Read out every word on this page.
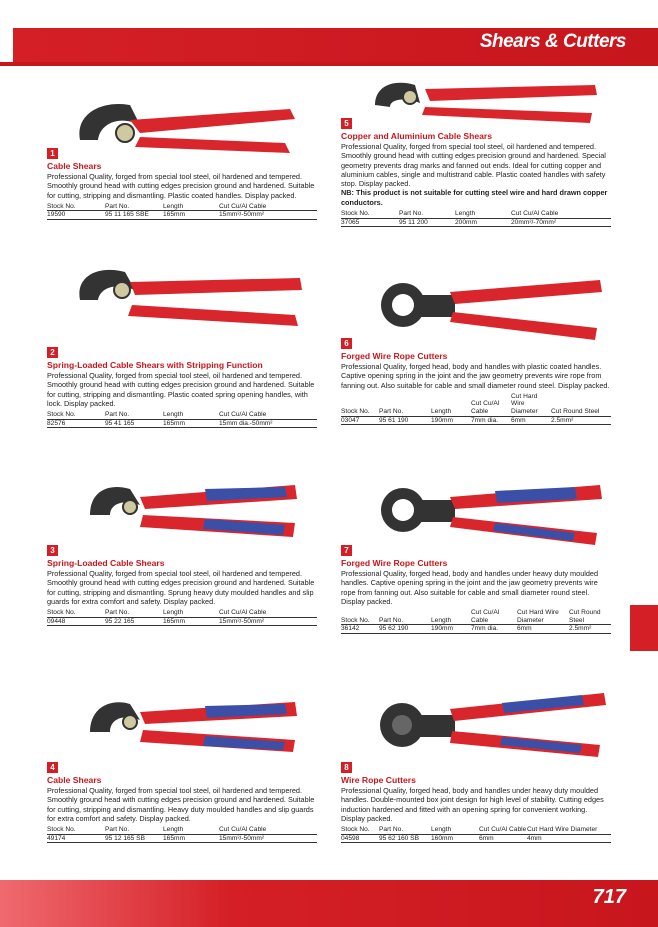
Shears & Cutters
1
Cable Shears
Professional Quality, forged from special tool steel, oil hardened and tempered. Smoothly ground head with cutting edges precision ground and hardened. Suitable for cutting, stripping and dismantling. Plastic coated handles. Display packed.
Stock No.	Part No.	Length	Cut Cu/Al Cable
19590	95 11 165 SBE	165mm	15mm²/-50mm²
2
Spring-Loaded Cable Shears with Stripping Function
Professional Quality, forged from special tool steel, oil hardened and tempered. Smoothly ground head with cutting edges precision ground and hardened. Suitable for cutting, stripping and dismantling. Plastic coated spring opening handles, with lock. Display packed.
Stock No.	Part No.	Length	Cut Cu/Al Cable
82576	95 41 165	165mm	15mm dia.-50mm²
3
Spring-Loaded Cable Shears
Professional Quality, forged from special tool steel, oil hardened and tempered. Smoothly ground head with cutting edges precision ground and hardened. Suitable for cutting, stripping and dismantling. Sprung heavy duty moulded handles and slip guards for extra comfort and safety. Display packed.
Stock No.	Part No.	Length	Cut Cu/Al Cable
09448	95 22 165	165mm	15mm²/-50mm²
4
Cable Shears
Professional Quality, forged from special tool steel, oil hardened and tempered. Smoothly ground head with cutting edges precision ground and hardened. Suitable for cutting, stripping and dismantling. Heavy duty moulded handles and slip guards for extra comfort and safety. Display packed.
Stock No.	Part No.	Length	Cut Cu/Al Cable
49174	95 12 165 SB	165mm	15mm²/-50mm²
5
Copper and Aluminium Cable Shears
Professional Quality, forged from special tool steel, oil hardened and tempered. Smoothly ground head with cutting edges precision ground and hardened. Special geometry prevents drag marks and fanned out ends. Ideal for cutting copper and aluminium cables, single and multistrand cable. Plastic coated handles with safety stop. Display packed.
NB: This product is not suitable for cutting steel wire and hard drawn copper conductors.
Stock No.	Part No.	Length	Cut Cu/Al Cable
37065	95 11 200	200mm	20mm²/-70mm²
6
Forged Wire Rope Cutters
Professional Quality, forged head, body and handles with plastic coated handles. Captive opening spring in the joint and the jaw geometry prevents wire rope from fanning out. Also suitable for cable and small diameter round steel. Display packed.
Stock No.	Part No.	Length	Cut Cu/Al Cable	Cut Hard Wire Diameter	Cut Round Steel
03047	95 61 190	190mm	7mm dia.	6mm	2.5mm²
7
Forged Wire Rope Cutters
Professional Quality, forged head, body and handles under heavy duty moulded handles. Captive opening spring in the joint and the jaw geometry prevents wire rope from fanning out. Also suitable for cable and small diameter round steel. Display packed.
Stock No.	Part No.	Length	Cut Cu/Al Cable	Cut Hard Wire Diameter	Cut Round Steel
36142	95 62 190	190mm	7mm dia.	6mm	2.5mm²
8
Wire Rope Cutters
Professional Quality, forged head, body and handles under heavy duty moulded handles. Double-mounted box joint design for high level of stability. Cutting edges induction hardened and fitted with an opening spring for convenient working. Display packed.
Stock No.	Part No.	Length	Cut Cu/Al Cable	Cut Hard Wire Diameter
04598	95 62 160 SB	160mm	6mm	4mm
717
